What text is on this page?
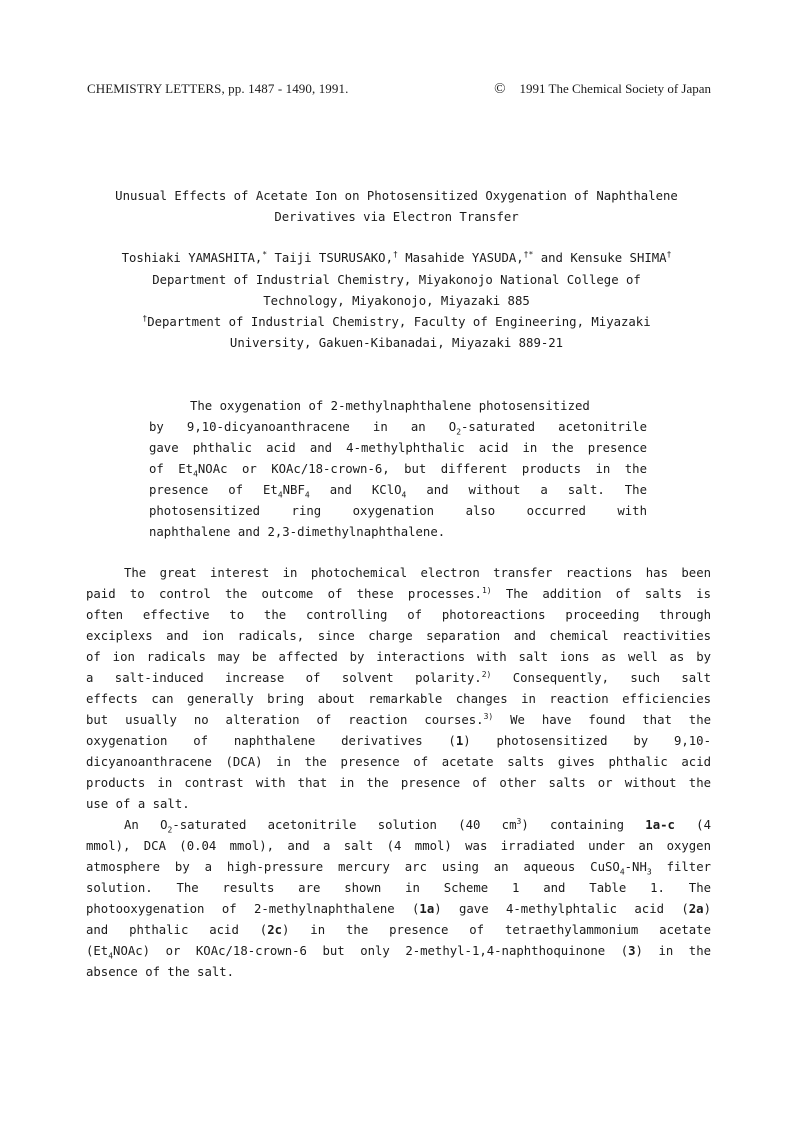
CHEMISTRY LETTERS, pp. 1487 - 1490, 1991.	© 1991 The Chemical Society of Japan
Unusual Effects of Acetate Ion on Photosensitized Oxygenation of Naphthalene
Derivatives via Electron Transfer
Toshiaki YAMASHITA,* Taiji TSURUSAKO,† Masahide YASUDA,†* and Kensuke SHIMA†
Department of Industrial Chemistry, Miyakonojo National College of
Technology, Miyakonojo, Miyazaki 885
†Department of Industrial Chemistry, Faculty of Engineering, Miyazaki
University, Gakuen-Kibanadai, Miyazaki 889-21
The oxygenation of 2-methylnaphthalene photosensitized
by 9,10-dicyanoanthracene in an $O_2$-saturated acetonitrile
gave phthalic acid and 4-methylphthalic acid in the presence
of $Et_4NOAc$ or KOAc/18-crown-6, but different products in the
presence of $Et_4NBF_4$ and KClO$_4$ and without a salt. The
photosensitized ring oxygenation also occurred with
naphthalene and 2,3-dimethylnaphthalene.
The great interest in photochemical electron transfer reactions has been
paid to control the outcome of these processes.$^{1)}$ The addition of salts is
often effective to the controlling of photoreactions proceeding through
exciplexs and ion radicals, since charge separation and chemical reactivities
of ion radicals may be affected by interactions with salt ions as well as by
a salt-induced increase of solvent polarity.$^{2)}$ Consequently, such salt
effects can generally bring about remarkable changes in reaction efficiencies
but usually no alteration of reaction courses.$^{3)}$ We have found that the
oxygenation of naphthalene derivatives (1) photosensitized by 9,10-
dicyanoanthracene (DCA) in the presence of acetate salts gives phthalic acid
products in contrast with that in the presence of other salts or without the
use of a salt.
An $O_2$-saturated acetonitrile solution (40 $cm^3$) containing 1a-c (4
mmol), DCA (0.04 mmol), and a salt (4 mmol) was irradiated under an oxygen
atmosphere by a high-pressure mercury arc using an aqueous $CuSO_4-NH_3$ filter
solution. The results are shown in Scheme 1 and Table 1. The
photooxygenation of 2-methylnaphthalene (1a) gave 4-methylphtalic acid (2a)
and phthalic acid (2c) in the presence of tetraethylammonium acetate
$(Et_4NOAc)$ or KOAc/18-crown-6 but only 2-methyl-1,4-naphthoquinone (3) in the
absence of the salt.
